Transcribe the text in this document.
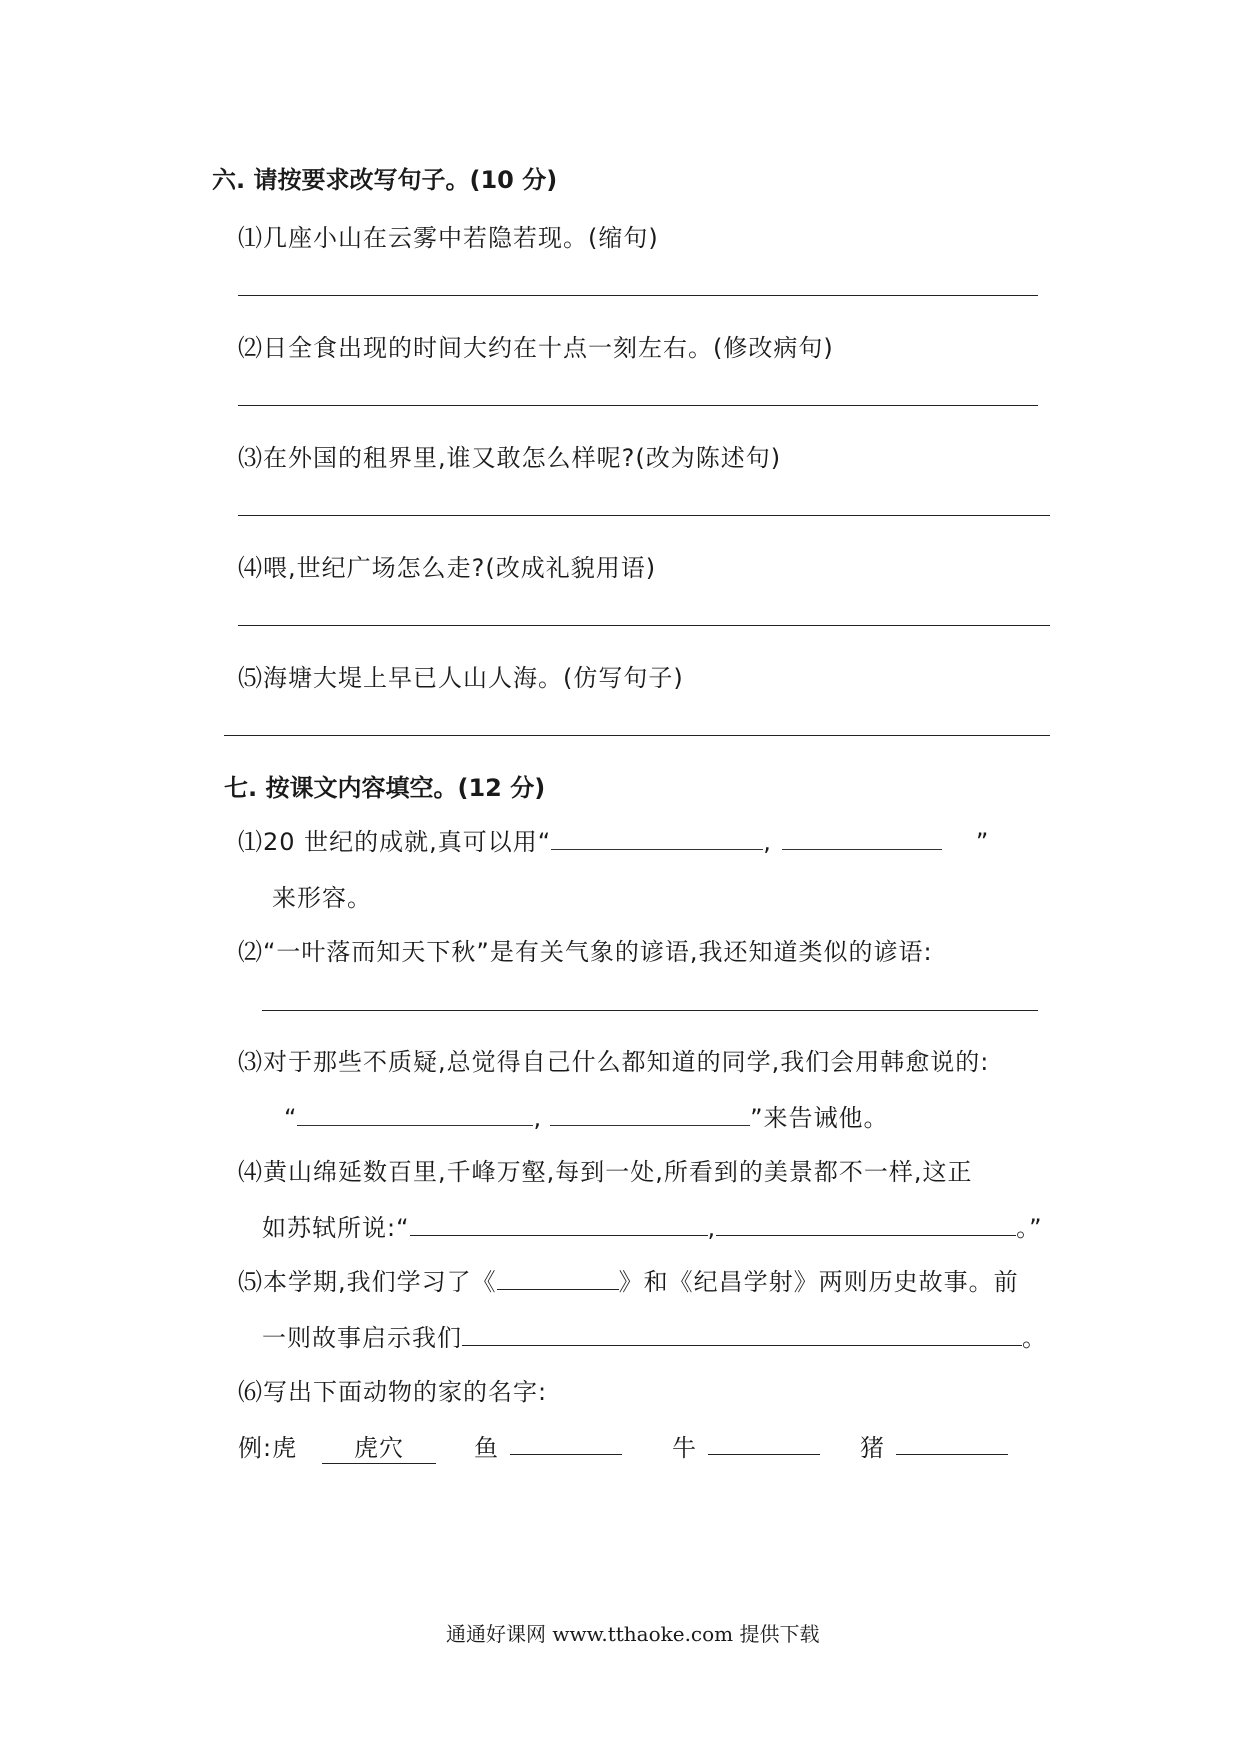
六. 请按要求改写句子。(10 分)
⑴几座小山在云雾中若隐若现。(缩句)
⑵日全食出现的时间大约在十点一刻左右。(修改病句)
⑶在外国的租界里,谁又敢怎么样呢?(改为陈述句)
⑷喂,世纪广场怎么走?(改成礼貌用语)
⑸海塘大堤上早已人山人海。(仿写句子)
七. 按课文内容填空。(12 分)
⑴20 世纪的成就,真可以用“	,	”
来形容。
⑵“一叶落而知天下秋”是有关气象的谚语,我还知道类似的谚语:
⑶对于那些不质疑,总觉得自己什么都知道的同学,我们会用韩愈说的:
“	,	”来告诫他。
⑷黄山绵延数百里,千峰万壑,每到一处,所看到的美景都不一样,这正
如苏轼所说:“	,	。”
⑸本学期,我们学习了《	》和《纪昌学射》两则历史故事。前
一则故事启示我们	。
⑹写出下面动物的家的名字:
例:虎	虎穴	鱼	牛	猪
通通好课网 www.tthaoke.com 提供下载
